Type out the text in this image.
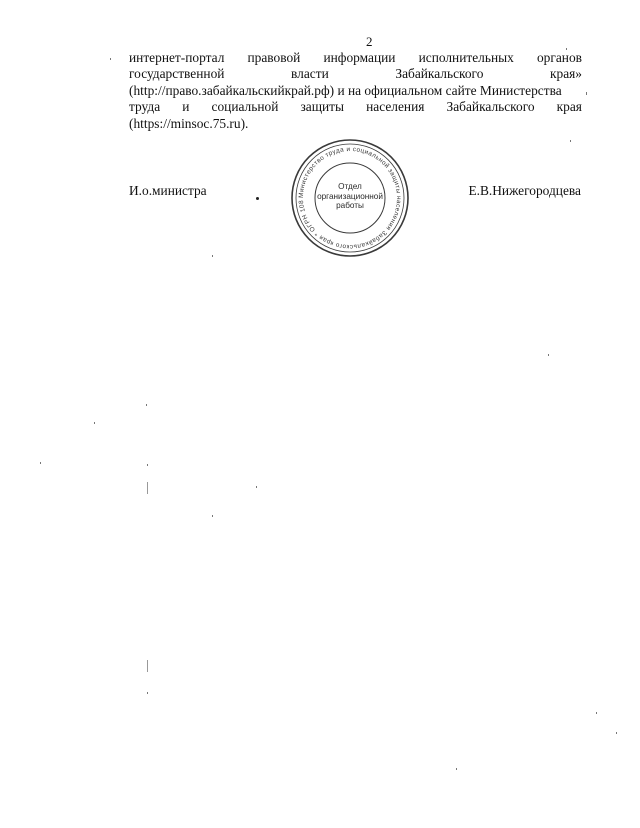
2
интернет-портал правовой информации исполнительных органов
государственной	власти	Забайкальского	края»
(http://право.забайкальскийкрай.рф) и на официальном сайте Министерства
труда и социальной защиты населения Забайкальского края
(https://minsoc.75.ru).
И.о.министра	Е.В.Нижегородцева
Министерство труда и социальной защиты населения Забайкальского края * ОГРН 108
Отдел
организационной
работы
